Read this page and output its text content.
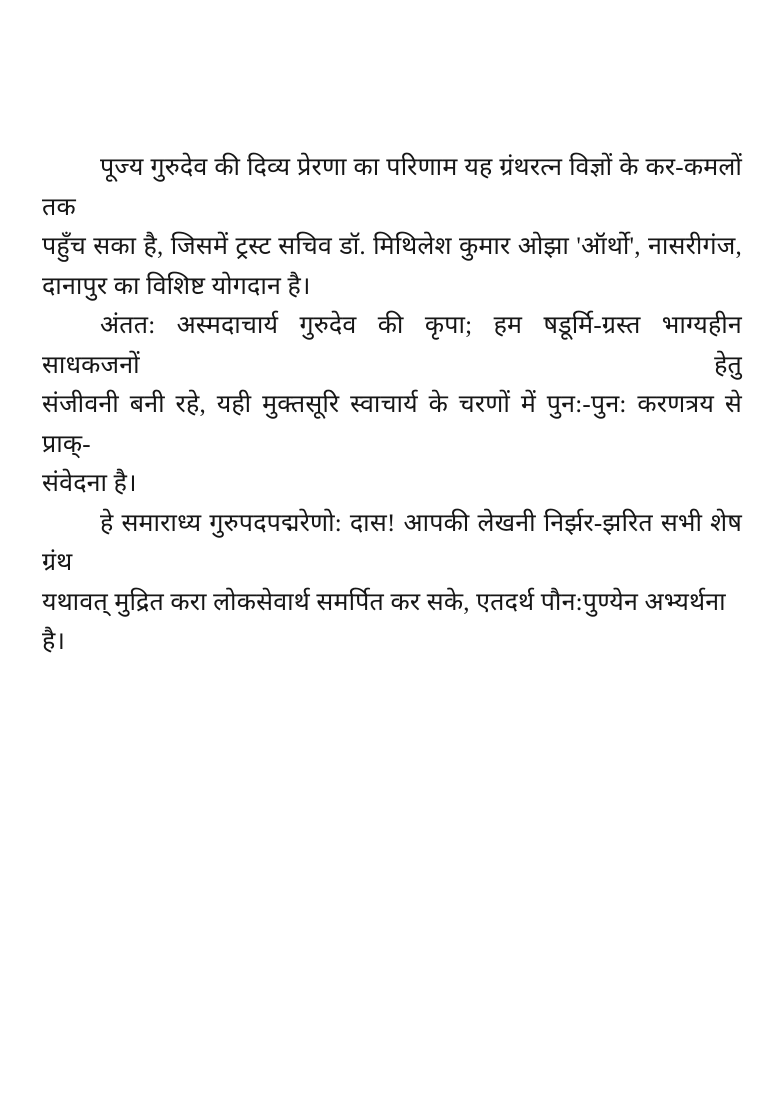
पूज्य गुरुदेव की दिव्य प्रेरणा का परिणाम यह ग्रंथरत्न विज्ञों के कर-कमलों तक
पहुँच सका है, जिसमें ट्रस्ट सचिव डॉ. मिथिलेश कुमार ओझा 'ऑर्थो', नासरीगंज,
दानापुर का विशिष्ट योगदान है।
अंतत: अस्मदाचार्य गुरुदेव की कृपा; हम षडूर्मि-ग्रस्त भाग्यहीन साधकजनों हेतु
संजीवनी बनी रहे, यही मुक्तसूरि स्वाचार्य के चरणों में पुन:-पुन: करणत्रय से प्राक्-
संवेदना है।
हे समाराध्य गुरुपदपद्मरेणो: दास! आपकी लेखनी निर्झर-झरित सभी शेष ग्रंथ
यथावत् मुद्रित करा लोकसेवार्थ समर्पित कर सके, एतदर्थ पौन:पुण्येन अभ्यर्थना है।
